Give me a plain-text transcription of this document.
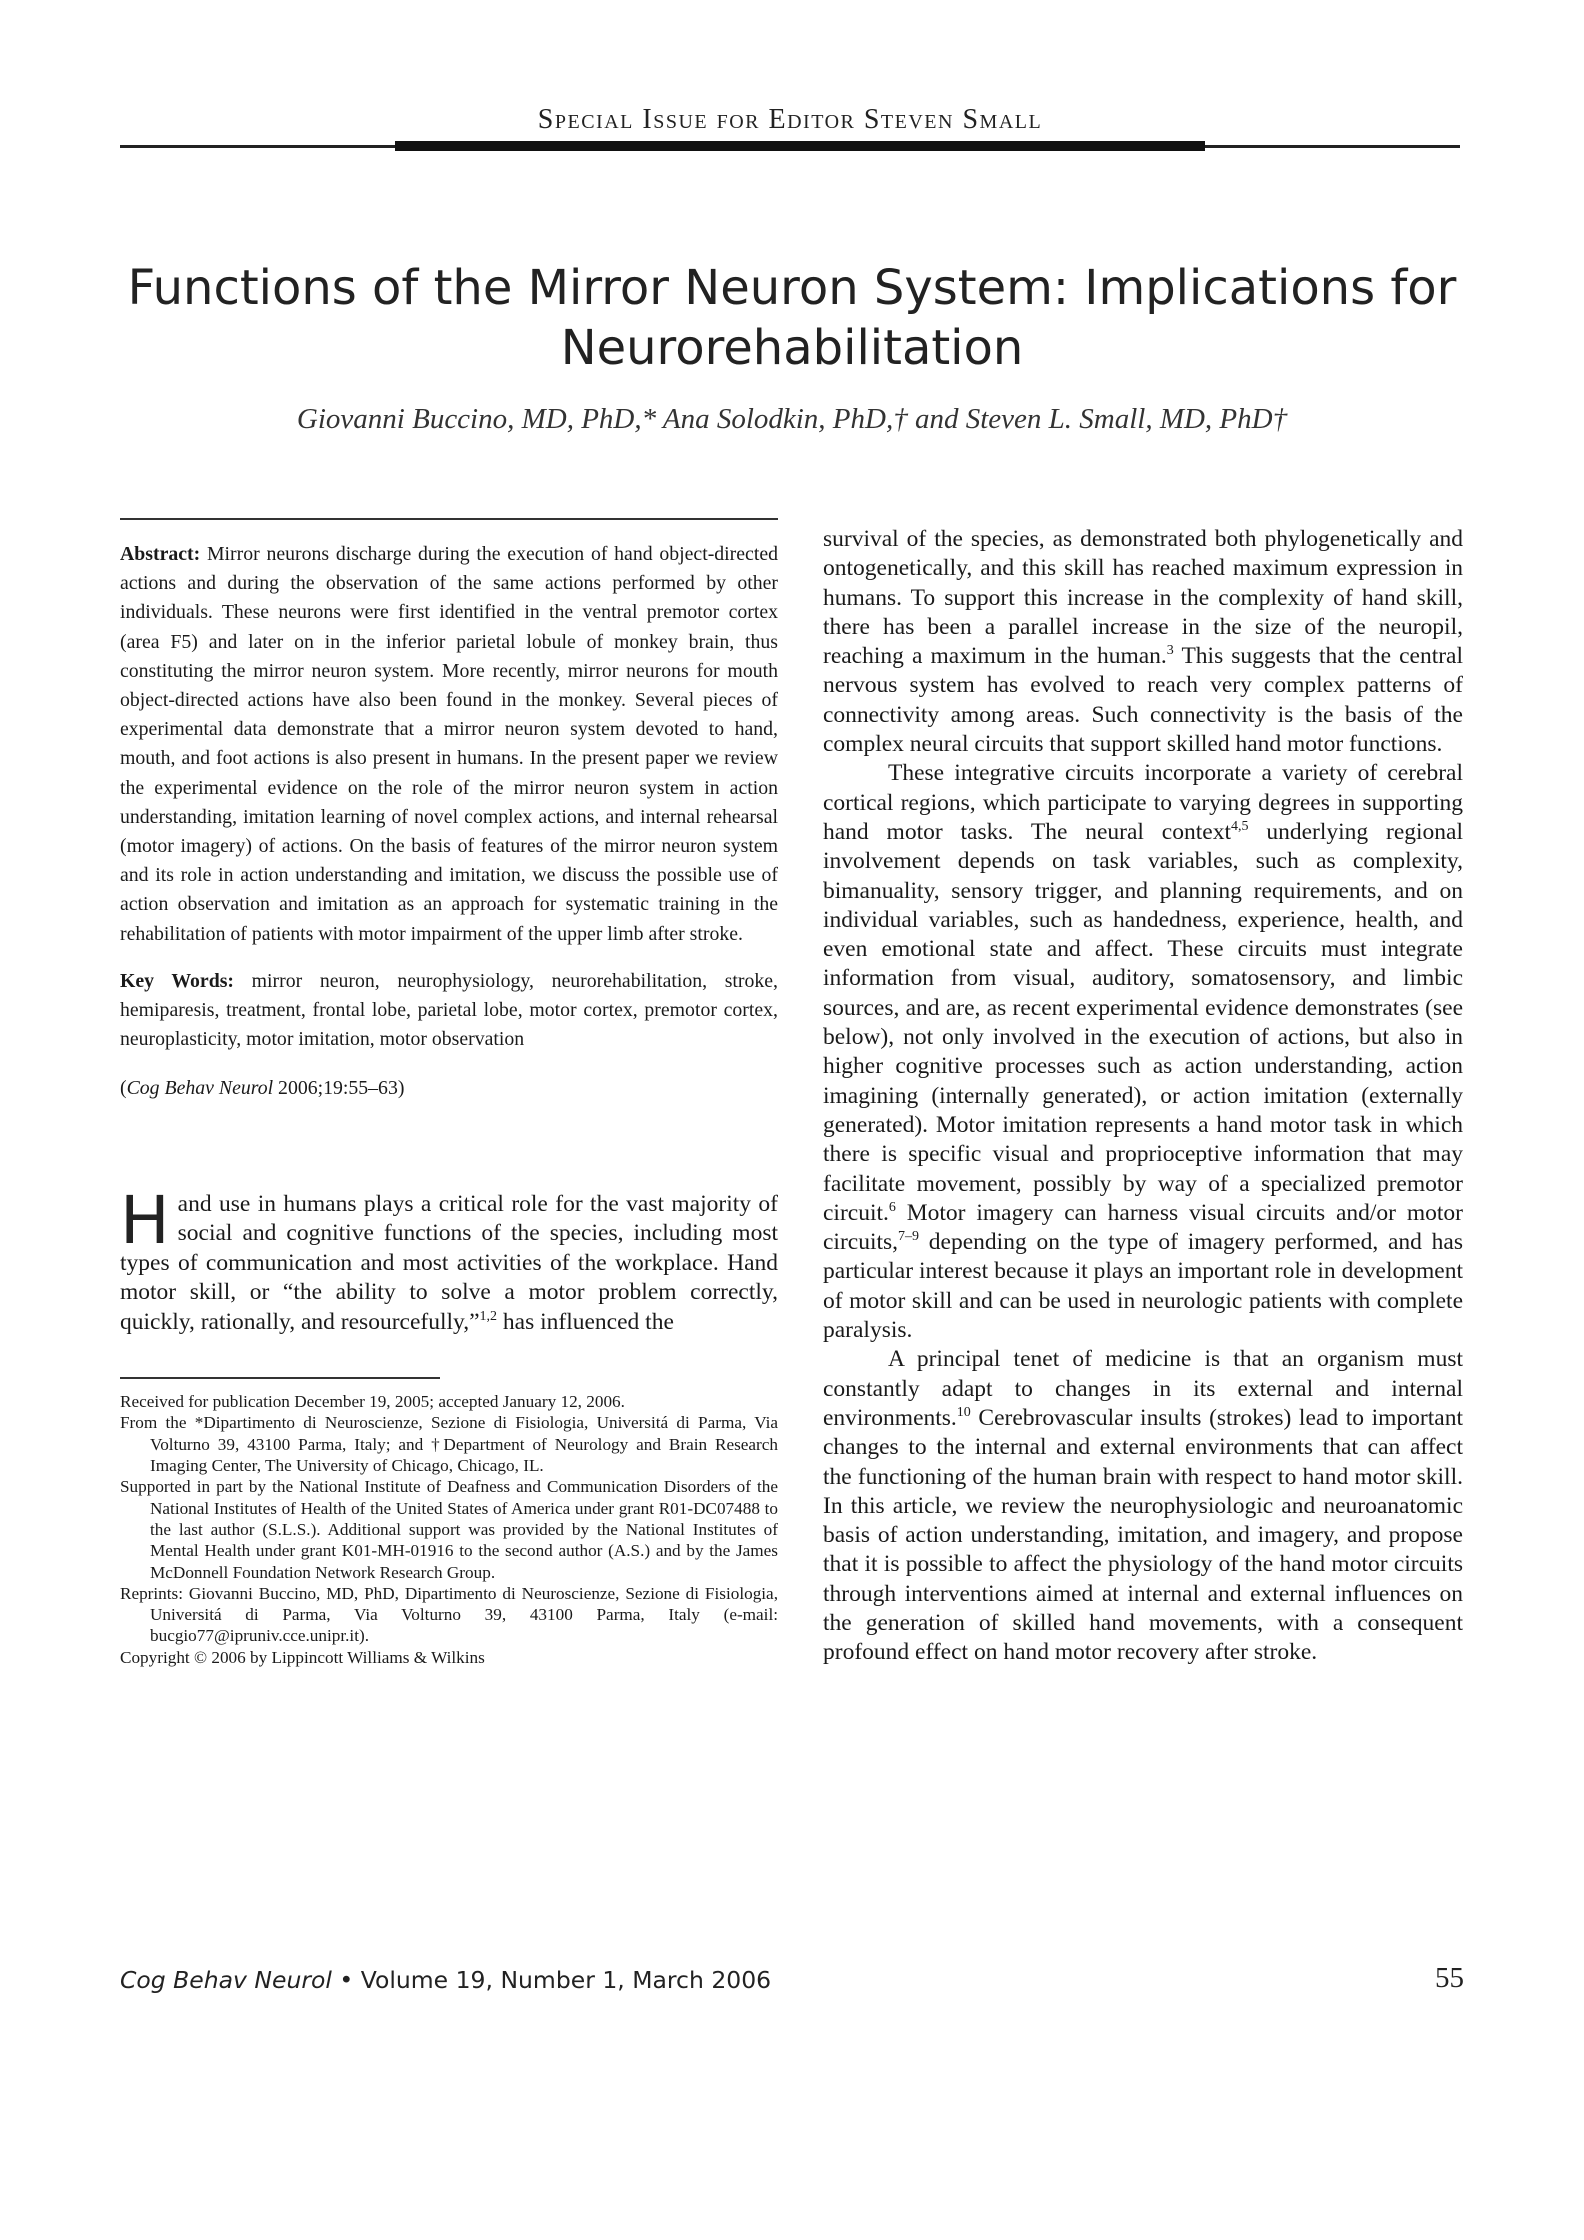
Special Issue for Editor Steven Small
Functions of the Mirror Neuron System: Implications for Neurorehabilitation
Giovanni Buccino, MD, PhD,* Ana Solodkin, PhD,† and Steven L. Small, MD, PhD†

Abstract: Mirror neurons discharge during the execution of hand object-directed actions and during the observation of the same actions performed by other individuals. These neurons were first identified in the ventral premotor cortex (area F5) and later on in the inferior parietal lobule of monkey brain, thus constituting the mirror neuron system. More recently, mirror neurons for mouth object-directed actions have also been found in the monkey. Several pieces of experimental data demonstrate that a mirror neuron system devoted to hand, mouth, and foot actions is also present in humans. In the present paper we review the experimental evidence on the role of the mirror neuron system in action understanding, imitation learning of novel complex actions, and internal rehearsal (motor imagery) of actions. On the basis of features of the mirror neuron system and its role in action understanding and imitation, we discuss the possible use of action observation and imitation as an approach for systematic training in the rehabilitation of patients with motor impairment of the upper limb after stroke.

Key Words: mirror neuron, neurophysiology, neurorehabilitation, stroke, hemiparesis, treatment, frontal lobe, parietal lobe, motor cortex, premotor cortex, neuroplasticity, motor imitation, motor observation

(Cog Behav Neurol 2006;19:55–63)

Hand use in humans plays a critical role for the vast majority of social and cognitive functions of the species, including most types of communication and most activities of the workplace. Hand motor skill, or “the ability to solve a motor problem correctly, quickly, rationally, and resourcefully,”$^{1,2}$ has influenced the

Received for publication December 19, 2005; accepted January 12, 2006.

From the *Dipartimento di Neuroscienze, Sezione di Fisiologia, Universitá di Parma, Via Volturno 39, 43100 Parma, Italy; and †Department of Neurology and Brain Research Imaging Center, The University of Chicago, Chicago, IL.

Supported in part by the National Institute of Deafness and Communication Disorders of the National Institutes of Health of the United States of America under grant R01-DC07488 to the last author (S.L.S.). Additional support was provided by the National Institutes of Mental Health under grant K01-MH-01916 to the second author (A.S.) and by the James McDonnell Foundation Network Research Group.

Reprints: Giovanni Buccino, MD, PhD, Dipartimento di Neuroscienze, Sezione di Fisiologia, Universitá di Parma, Via Volturno 39, 43100 Parma, Italy (e-mail: bucgio77@ipruniv.cce.unipr.it).

Copyright © 2006 by Lippincott Williams & Wilkins

survival of the species, as demonstrated both phylogenetically and ontogenetically, and this skill has reached maximum expression in humans. To support this increase in the complexity of hand skill, there has been a parallel increase in the size of the neuropil, reaching a maximum in the human.$^3$ This suggests that the central nervous system has evolved to reach very complex patterns of connectivity among areas. Such connectivity is the basis of the complex neural circuits that support skilled hand motor functions.

These integrative circuits incorporate a variety of cerebral cortical regions, which participate to varying degrees in supporting hand motor tasks. The neural context$^{4,5}$ underlying regional involvement depends on task variables, such as complexity, bimanuality, sensory trigger, and planning requirements, and on individual variables, such as handedness, experience, health, and even emotional state and affect. These circuits must integrate information from visual, auditory, somatosensory, and limbic sources, and are, as recent experimental evidence demonstrates (see below), not only involved in the execution of actions, but also in higher cognitive processes such as action understanding, action imagining (internally generated), or action imitation (externally generated). Motor imitation represents a hand motor task in which there is specific visual and proprioceptive information that may facilitate movement, possibly by way of a specialized premotor circuit.$^6$ Motor imagery can harness visual circuits and/or motor circuits,$^{7-9}$ depending on the type of imagery performed, and has particular interest because it plays an important role in development of motor skill and can be used in neurologic patients with complete paralysis.

A principal tenet of medicine is that an organism must constantly adapt to changes in its external and internal environments.$^{10}$ Cerebrovascular insults (strokes) lead to important changes to the internal and external environments that can affect the functioning of the human brain with respect to hand motor skill. In this article, we review the neurophysiologic and neuroanatomic basis of action understanding, imitation, and imagery, and propose that it is possible to affect the physiology of the hand motor circuits through interventions aimed at internal and external influences on the generation of skilled hand movements, with a consequent profound effect on hand motor recovery after stroke.

Cog Behav Neurol • Volume 19, Number 1, March 2006	55
